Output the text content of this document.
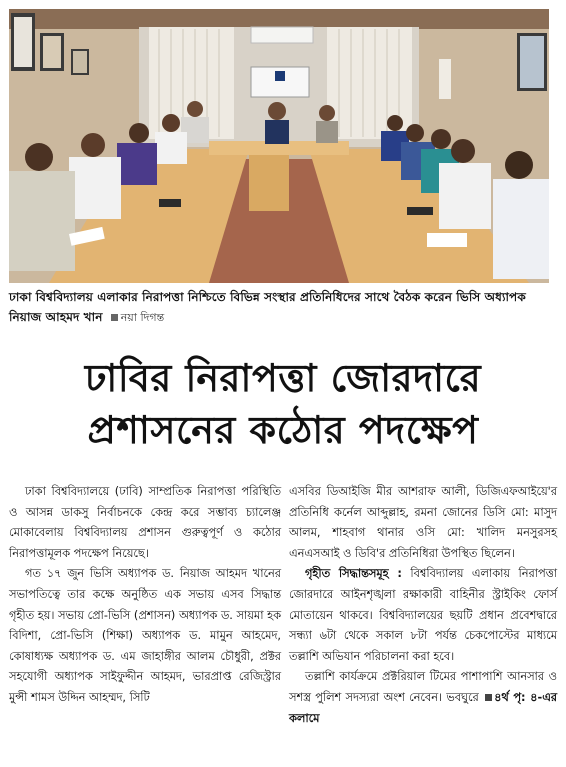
ঢাকা বিশ্ববিদ্যালয় এলাকার নিরাপত্তা নিশ্চিতে বিভিন্ন সংস্থার প্রতিনিধিদের সাথে বৈঠক করেন ভিসি অধ্যাপক নিয়াজ আহমদ খান নয়া দিগন্ত
ঢাবির নিরাপত্তা জোরদারে
প্রশাসনের কঠোর পদক্ষেপ

ঢাকা বিশ্ববিদ্যালয়ে (ঢাবি) সাম্প্রতিক নিরাপত্তা পরিস্থিতি ও আসন্ন ডাকসু নির্বাচনকে কেন্দ্র করে সম্ভাব্য চ্যালেঞ্জ মোকাবেলায় বিশ্ববিদ্যালয় প্রশাসন গুরুত্বপূর্ণ ও কঠোর নিরাপত্তামূলক পদক্ষেপ নিয়েছে।

গত ১৭ জুন ভিসি অধ্যাপক ড. নিয়াজ আহমদ খানের সভাপতিত্বে তার কক্ষে অনুষ্ঠিত এক সভায় এসব সিদ্ধান্ত গৃহীত হয়। সভায় প্রো-ভিসি (প্রশাসন) অধ্যাপক ড. সায়মা হক বিদিশা, প্রো-ভিসি (শিক্ষা) অধ্যাপক ড. মামুন আহমেদ, কোষাধ্যক্ষ অধ্যাপক ড. এম জাহাঙ্গীর আলম চৌধুরী, প্রক্টর সহযোগী অধ্যাপক সাইফুদ্দীন আহমদ, ভারপ্রাপ্ত রেজিস্ট্রার মুন্সী শামস উদ্দিন আহম্মদ, সিটি

এসবির ডিআইজি মীর আশরাফ আলী, ডিজিএফআইয়ে'র প্রতিনিধি কর্নেল আব্দুল্লাহ, রমনা জোনের ডিসি মো: মাসুদ আলম, শাহবাগ থানার ওসি মো: খালিদ মনসুরসহ এনএসআই ও ডিবি'র প্রতিনিধিরা উপস্থিত ছিলেন।

গৃহীত সিদ্ধান্তসমূহ : বিশ্ববিদ্যালয় এলাকায় নিরাপত্তা জোরদারে আইনশৃঙ্খলা রক্ষাকারী বাহিনীর স্ট্রাইকিং ফোর্স মোতায়েন থাকবে। বিশ্ববিদ্যালয়ের ছয়টি প্রধান প্রবেশদ্বারে সন্ধ্যা ৬টা থেকে সকাল ৮টা পর্যন্ত চেকপোস্টের মাধ্যমে তল্লাশি অভিযান পরিচালনা করা হবে।

তল্লাশি কার্যক্রমে প্রক্টরিয়াল টিমের পাশাপাশি আনসার ও সশস্ত্র পুলিশ সদস্যরা অংশ নেবেন। ভবঘুরে ৪র্থ পৃ: ৪-এর কলামে
